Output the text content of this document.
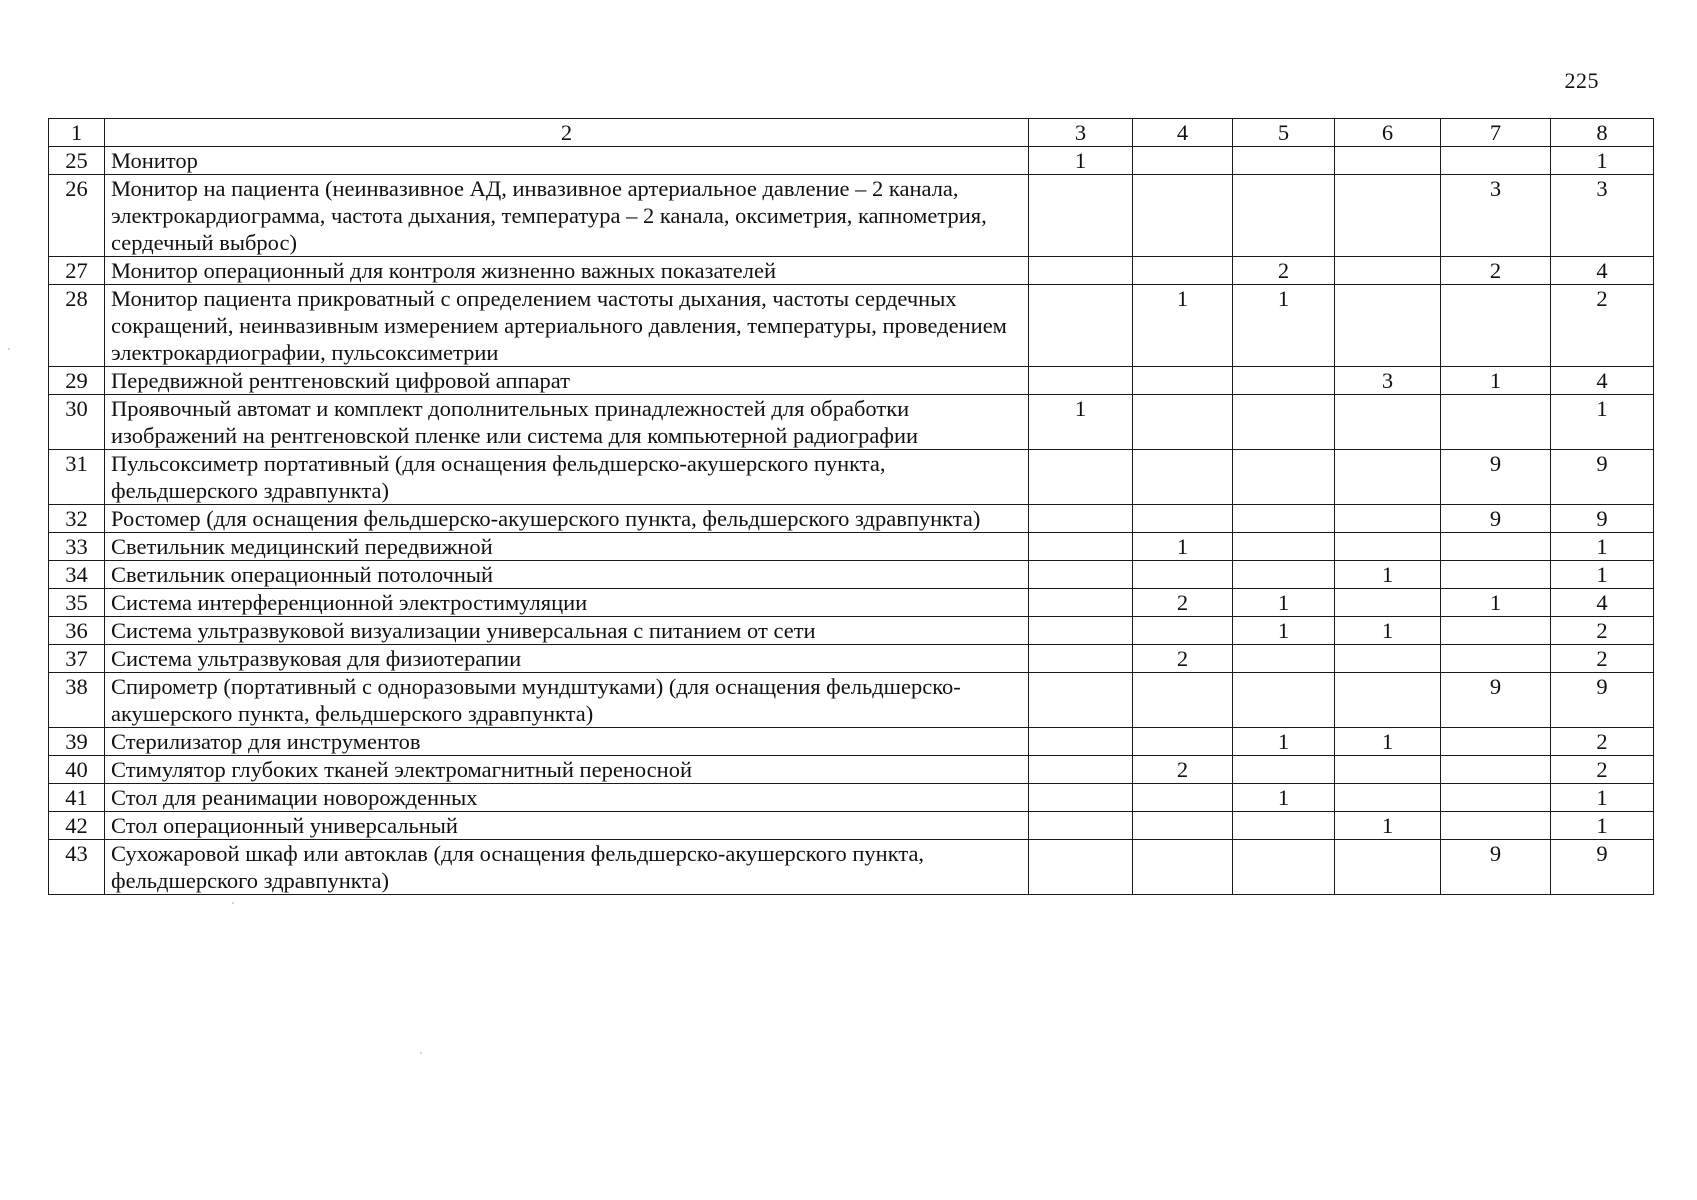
225
1	2	3	4	5	6	7	8
25	Монитор	1					1
26	Монитор на пациента (неинвазивное АД, инвазивное артериальное давление – 2 канала, электрокардиограмма, частота дыхания, температура – 2 канала, оксиметрия, капнометрия, сердечный выброс)					3	3
27	Монитор операционный для контроля жизненно важных показателей			2		2	4
28	Монитор пациента прикроватный с определением частоты дыхания, частоты сердечных сокращений, неинвазивным измерением артериального давления, температуры, проведением электрокардиографии, пульсоксиметрии		1	1			2
29	Передвижной рентгеновский цифровой аппарат				3	1	4
30	Проявочный автомат и комплект дополнительных принадлежностей для обработки изображений на рентгеновской пленке или система для компьютерной радиографии	1					1
31	Пульсоксиметр портативный (для оснащения фельдшерско-акушерского пункта, фельдшерского здравпункта)					9	9
32	Ростомер (для оснащения фельдшерско-акушерского пункта, фельдшерского здравпункта)					9	9
33	Светильник медицинский передвижной		1				1
34	Светильник операционный потолочный				1		1
35	Система интерференционной электростимуляции		2	1		1	4
36	Система ультразвуковой визуализации универсальная с питанием от сети			1	1		2
37	Система ультразвуковая для физиотерапии		2				2
38	Спирометр (портативный с одноразовыми мундштуками) (для оснащения фельдшерско-акушерского пункта, фельдшерского здравпункта)					9	9
39	Стерилизатор для инструментов			1	1		2
40	Стимулятор глубоких тканей электромагнитный переносной		2				2
41	Стол для реанимации новорожденных			1			1
42	Стол операционный универсальный				1		1
43	Сухожаровой шкаф или автоклав (для оснащения фельдшерско-акушерского пункта, фельдшерского здравпункта)					9	9
